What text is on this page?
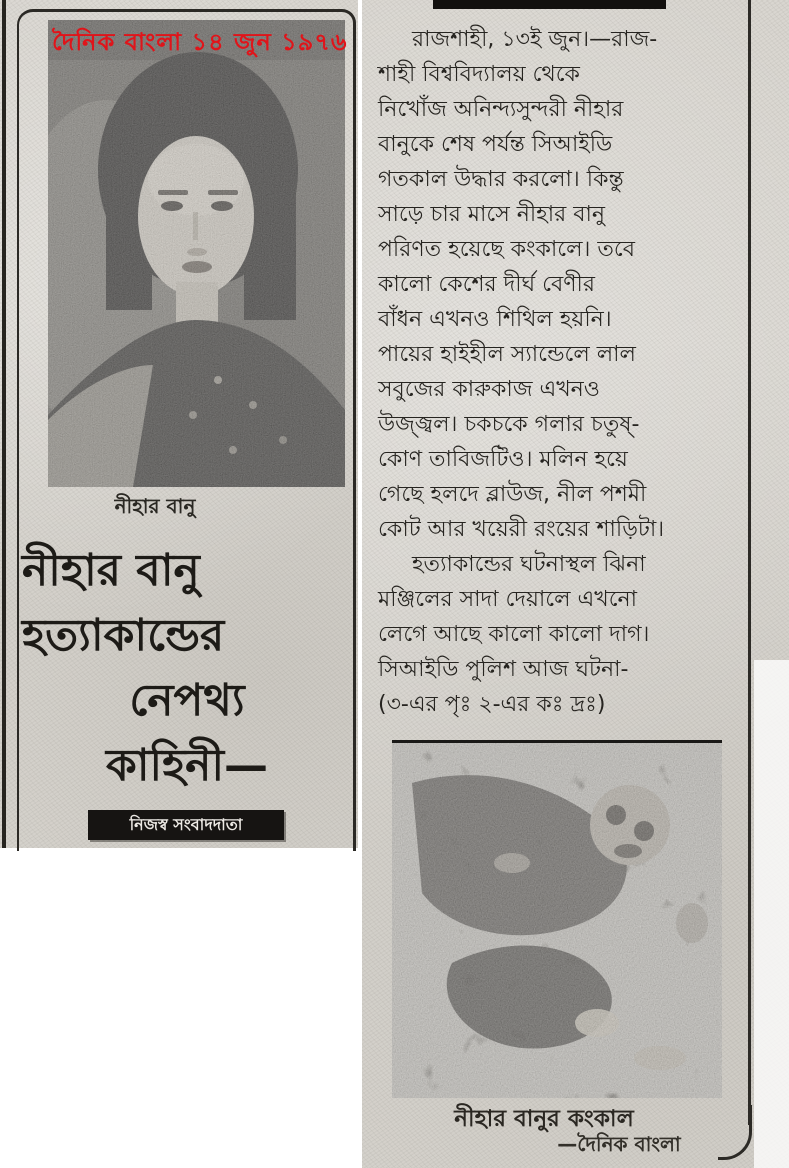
দৈনিক বাংলা ১৪ জুন ১৯৭৬
নীহার বানু
নীহার বানু
হত্যাকান্ডের
নেপথ্য
কাহিনী—
নিজস্ব সংবাদদাতা
রাজশাহী, ১৩ই জুন।—রাজ-
শাহী বিশ্ববিদ্যালয় থেকে
নিখোঁজ অনিন্দ্যসুন্দরী নীহার
বানুকে শেষ পর্যন্ত সিআইডি
গতকাল উদ্ধার করলো। কিন্তু
সাড়ে চার মাসে নীহার বানু
পরিণত হয়েছে কংকালে। তবে
কালো কেশের দীর্ঘ বেণীর
বাঁধন এখনও শিথিল হয়নি।
পায়ের হাইহীল স্যান্ডেলে লাল
সবুজের কারুকাজ এখনও
উজ্জ্বল। চকচকে গলার চতুষ্-
কোণ তাবিজটিও। মলিন হয়ে
গেছে হলদে ব্লাউজ, নীল পশমী
কোট আর খয়েরী রংয়ের শাড়িটা।
হত্যাকান্ডের ঘটনাস্থল ঝিনা
মঞ্জিলের সাদা দেয়ালে এখনো
লেগে আছে কালো কালো দাগ।
সিআইডি পুলিশ আজ ঘটনা-
(৩-এর পৃঃ ২-এর কঃ দ্রঃ)
নীহার বানুর কংকাল
—দৈনিক বাংলা
